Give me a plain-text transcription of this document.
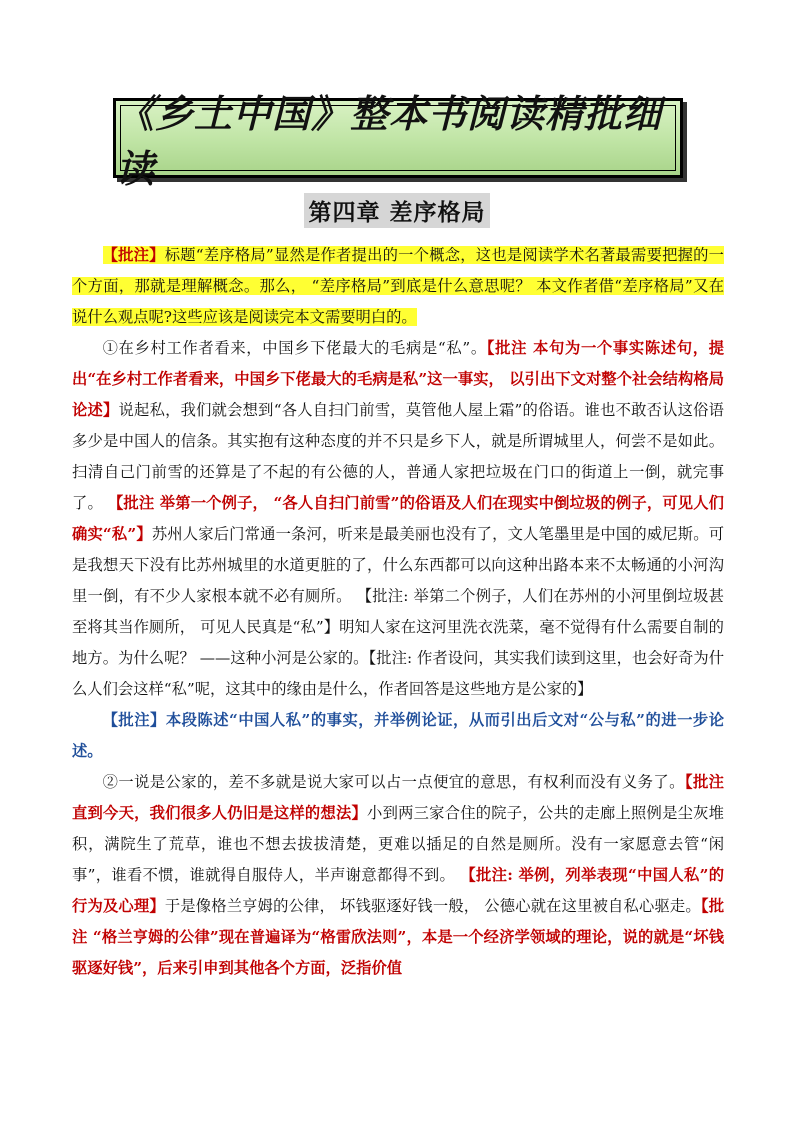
《乡土中国》整本书阅读精批细读
第四章 差序格局

【批注】标题“差序格局”显然是作者提出的一个概念，这也是阅读学术名著最需要把握的一个方面，那就是理解概念。那么， “差序格局”到底是什么意思呢？ 本文作者借“差序格局”又在说什么观点呢?这些应该是阅读完本文需要明白的。

①在乡村工作者看来，中国乡下佬最大的毛病是“私”。【批注 本句为一个事实陈述句，提出“在乡村工作者看来，中国乡下佬最大的毛病是私”这一事实， 以引出下文对整个社会结构格局论述】说起私，我们就会想到“各人自扫门前雪，莫管他人屋上霜”的俗语。谁也不敢否认这俗语多少是中国人的信条。其实抱有这种态度的并不只是乡下人，就是所谓城里人，何尝不是如此。扫清自己门前雪的还算是了不起的有公德的人，普通人家把垃圾在门口的街道上一倒，就完事了。 【批注 举第一个例子， “各人自扫门前雪”的俗语及人们在现实中倒垃圾的例子，可见人们确实“私”】苏州人家后门常通一条河，听来是最美丽也没有了，文人笔墨里是中国的威尼斯。可是我想天下没有比苏州城里的水道更脏的了，什么东西都可以向这种出路本来不太畅通的小河沟里一倒，有不少人家根本就不必有厕所。 【批注: 举第二个例子，人们在苏州的小河里倒垃圾甚至将其当作厕所， 可见人民真是“私”】明知人家在这河里洗衣洗菜，毫不觉得有什么需要自制的地方。为什么呢？ ——这种小河是公家的。【批注: 作者设问，其实我们读到这里，也会好奇为什么人们会这样“私”呢，这其中的缘由是什么，作者回答是这些地方是公家的】

【批注】本段陈述“中国人私”的事实，并举例论证，从而引出后文对“公与私”的进一步论述。

②一说是公家的，差不多就是说大家可以占一点便宜的意思，有权利而没有义务了。【批注 直到今天，我们很多人仍旧是这样的想法】小到两三家合住的院子，公共的走廊上照例是尘灰堆积，满院生了荒草，谁也不想去拔拔清楚，更难以插足的自然是厕所。没有一家愿意去管“闲事”，谁看不惯，谁就得自服侍人，半声谢意都得不到。 【批注: 举例，列举表现“中国人私”的行为及心理】于是像格兰亨姆的公律， 坏钱驱逐好钱一般， 公德心就在这里被自私心驱走。【批注 “格兰亨姆的公律”现在普遍译为“格雷欣法则”，本是一个经济学领域的理论，说的就是“坏钱驱逐好钱”，后来引申到其他各个方面，泛指价值
